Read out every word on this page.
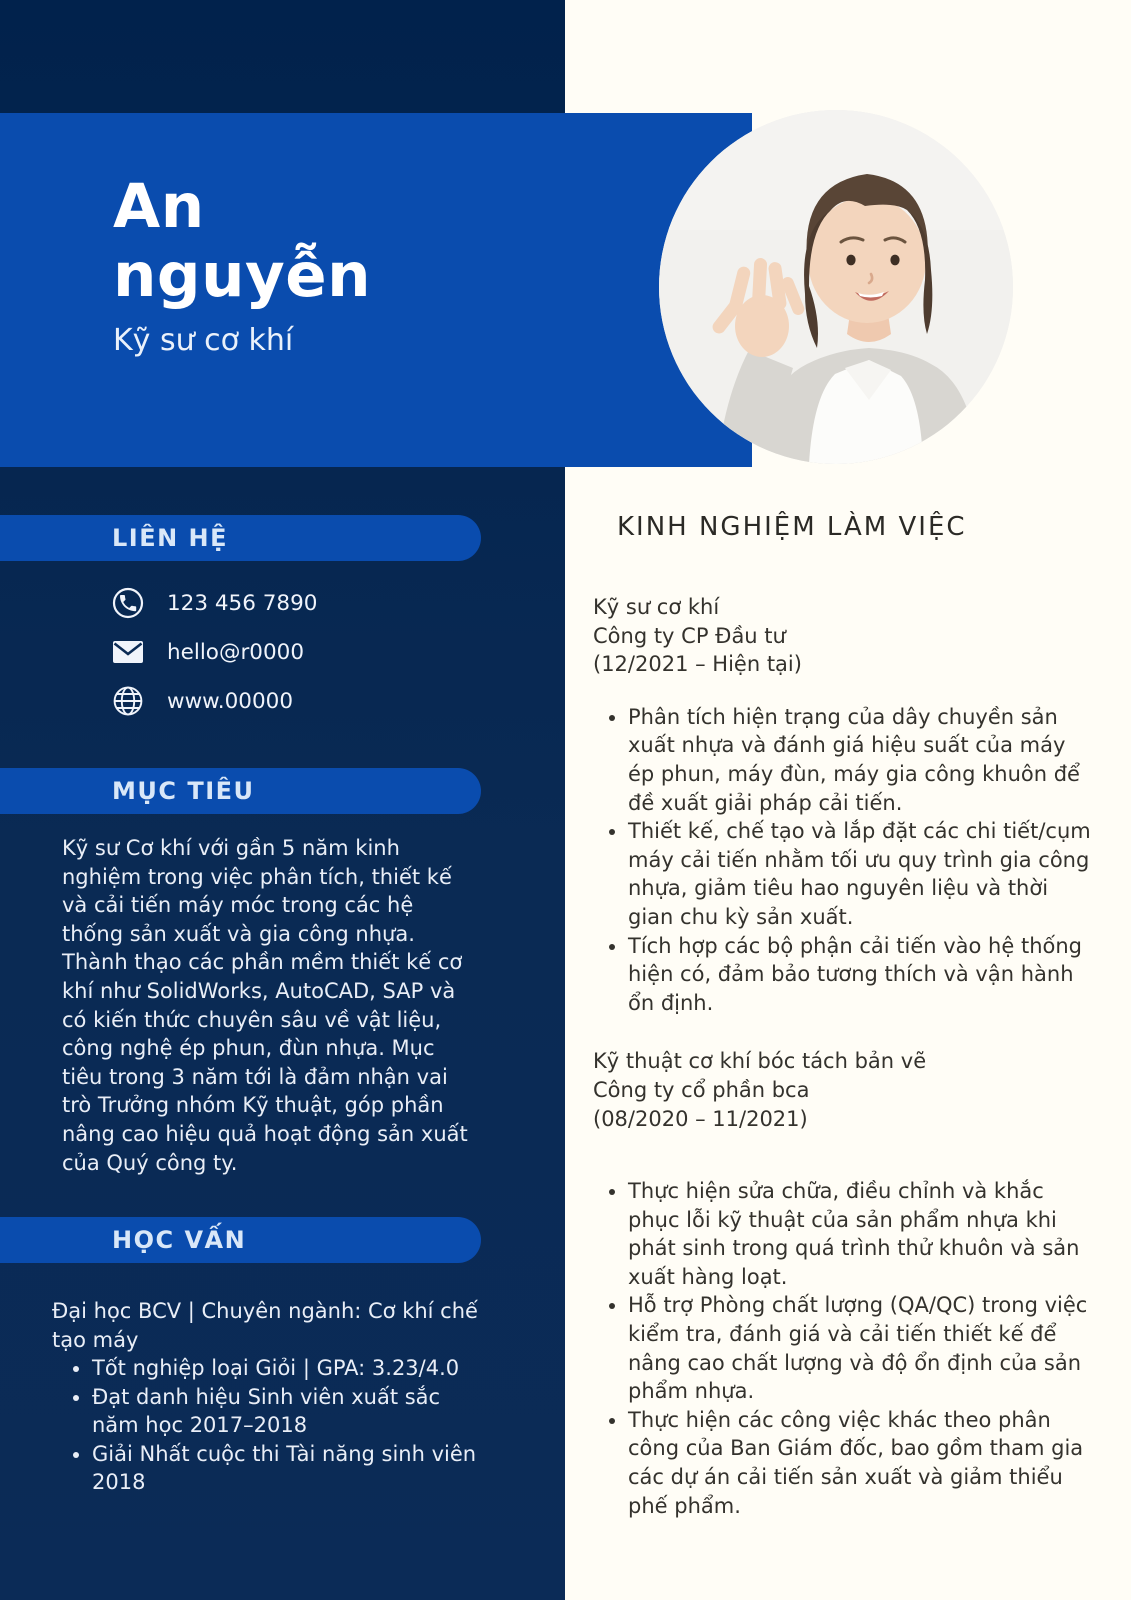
An
nguyễn
Kỹ sư cơ khí
LIÊN HỆ
123 456 7890
hello@r0000
www.00000
MỤC TIÊU
Kỹ sư Cơ khí với gần 5 năm kinh nghiệm trong việc phân tích, thiết kế và cải tiến máy móc trong các hệ thống sản xuất và gia công nhựa. Thành thạo các phần mềm thiết kế cơ khí như SolidWorks, AutoCAD, SAP và có kiến thức chuyên sâu về vật liệu, công nghệ ép phun, đùn nhựa. Mục tiêu trong 3 năm tới là đảm nhận vai trò Trưởng nhóm Kỹ thuật, góp phần nâng cao hiệu quả hoạt động sản xuất của Quý công ty.
HỌC VẤN
Đại học BCV | Chuyên ngành: Cơ khí chế tạo máy
• Tốt nghiệp loại Giỏi | GPA: 3.23/4.0
• Đạt danh hiệu Sinh viên xuất sắc năm học 2017–2018
• Giải Nhất cuộc thi Tài năng sinh viên 2018
KINH NGHIỆM LÀM VIỆC
Kỹ sư cơ khí
Công ty CP Đầu tư
(12/2021 – Hiện tại)
• Phân tích hiện trạng của dây chuyền sản xuất nhựa và đánh giá hiệu suất của máy ép phun, máy đùn, máy gia công khuôn để đề xuất giải pháp cải tiến.
• Thiết kế, chế tạo và lắp đặt các chi tiết/cụm máy cải tiến nhằm tối ưu quy trình gia công nhựa, giảm tiêu hao nguyên liệu và thời gian chu kỳ sản xuất.
• Tích hợp các bộ phận cải tiến vào hệ thống hiện có, đảm bảo tương thích và vận hành ổn định.
Kỹ thuật cơ khí bóc tách bản vẽ
Công ty cổ phần bca
(08/2020 – 11/2021)
• Thực hiện sửa chữa, điều chỉnh và khắc phục lỗi kỹ thuật của sản phẩm nhựa khi phát sinh trong quá trình thử khuôn và sản xuất hàng loạt.
• Hỗ trợ Phòng chất lượng (QA/QC) trong việc kiểm tra, đánh giá và cải tiến thiết kế để nâng cao chất lượng và độ ổn định của sản phẩm nhựa.
• Thực hiện các công việc khác theo phân công của Ban Giám đốc, bao gồm tham gia các dự án cải tiến sản xuất và giảm thiểu phế phẩm.
